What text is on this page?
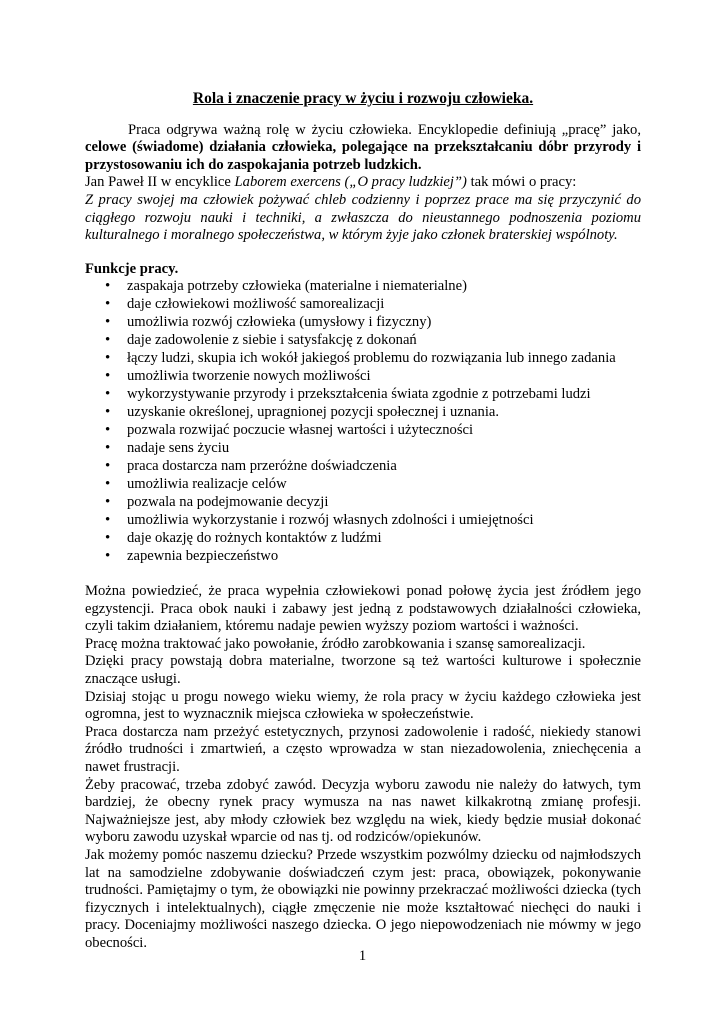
Rola i znaczenie pracy w życiu i rozwoju człowieka.

Praca odgrywa ważną rolę w życiu człowieka. Encyklopedie definiują „pracę” jako, celowe (świadome) działania człowieka, polegające na przekształcaniu dóbr przyrody i przystosowaniu ich do zaspokajania potrzeb ludzkich.

Jan Paweł II w encyklice Laborem exercens („O pracy ludzkiej”) tak mówi o pracy:

Z pracy swojej ma człowiek pożywać chleb codzienny i poprzez prace ma się przyczynić do ciągłego rozwoju nauki i techniki, a zwłaszcza do nieustannego podnoszenia poziomu kulturalnego i moralnego społeczeństwa, w którym żyje jako członek braterskiej wspólnoty.

Funkcje pracy.
• zaspakaja potrzeby człowieka (materialne i niematerialne)
• daje człowiekowi możliwość samorealizacji
• umożliwia rozwój człowieka (umysłowy i fizyczny)
• daje zadowolenie z siebie i satysfakcję z dokonań
• łączy ludzi, skupia ich wokół jakiegoś problemu do rozwiązania lub innego zadania
• umożliwia tworzenie nowych możliwości
• wykorzystywanie przyrody i przekształcenia świata zgodnie z potrzebami ludzi
• uzyskanie określonej, upragnionej pozycji społecznej i uznania.
• pozwala rozwijać poczucie własnej wartości i użyteczności
• nadaje sens życiu
• praca dostarcza nam przeróżne doświadczenia
• umożliwia realizacje celów
• pozwala na podejmowanie decyzji
• umożliwia wykorzystanie i rozwój własnych zdolności i umiejętności
• daje okazję do rożnych kontaktów z ludźmi
• zapewnia bezpieczeństwo

Można powiedzieć, że praca wypełnia człowiekowi ponad połowę życia jest źródłem jego egzystencji. Praca obok nauki i zabawy jest jedną z podstawowych działalności człowieka, czyli takim działaniem, któremu nadaje pewien wyższy poziom wartości i ważności.

Pracę można traktować jako powołanie, źródło zarobkowania i szansę samorealizacji.

Dzięki pracy powstają dobra materialne, tworzone są też wartości kulturowe i społecznie znaczące usługi.

Dzisiaj stojąc u progu nowego wieku wiemy, że rola pracy w życiu każdego człowieka jest ogromna, jest to wyznacznik miejsca człowieka w społeczeństwie.

Praca dostarcza nam przeżyć estetycznych, przynosi zadowolenie i radość, niekiedy stanowi źródło trudności i zmartwień, a często wprowadza w stan niezadowolenia, zniechęcenia a nawet frustracji.

Żeby pracować, trzeba zdobyć zawód. Decyzja wyboru zawodu nie należy do łatwych, tym bardziej, że obecny rynek pracy wymusza na nas nawet kilkakrotną zmianę profesji. Najważniejsze jest, aby młody człowiek bez względu na wiek, kiedy będzie musiał dokonać wyboru zawodu uzyskał wparcie od nas tj. od rodziców/opiekunów.

Jak możemy pomóc naszemu dziecku? Przede wszystkim pozwólmy dziecku od najmłodszych lat na samodzielne zdobywanie doświadczeń czym jest: praca, obowiązek, pokonywanie trudności. Pamiętajmy o tym, że obowiązki nie powinny przekraczać możliwości dziecka (tych fizycznych i intelektualnych), ciągłe zmęczenie nie może kształtować niechęci do nauki i pracy. Doceniajmy możliwości naszego dziecka. O jego niepowodzeniach nie mówmy w jego obecności.

1
